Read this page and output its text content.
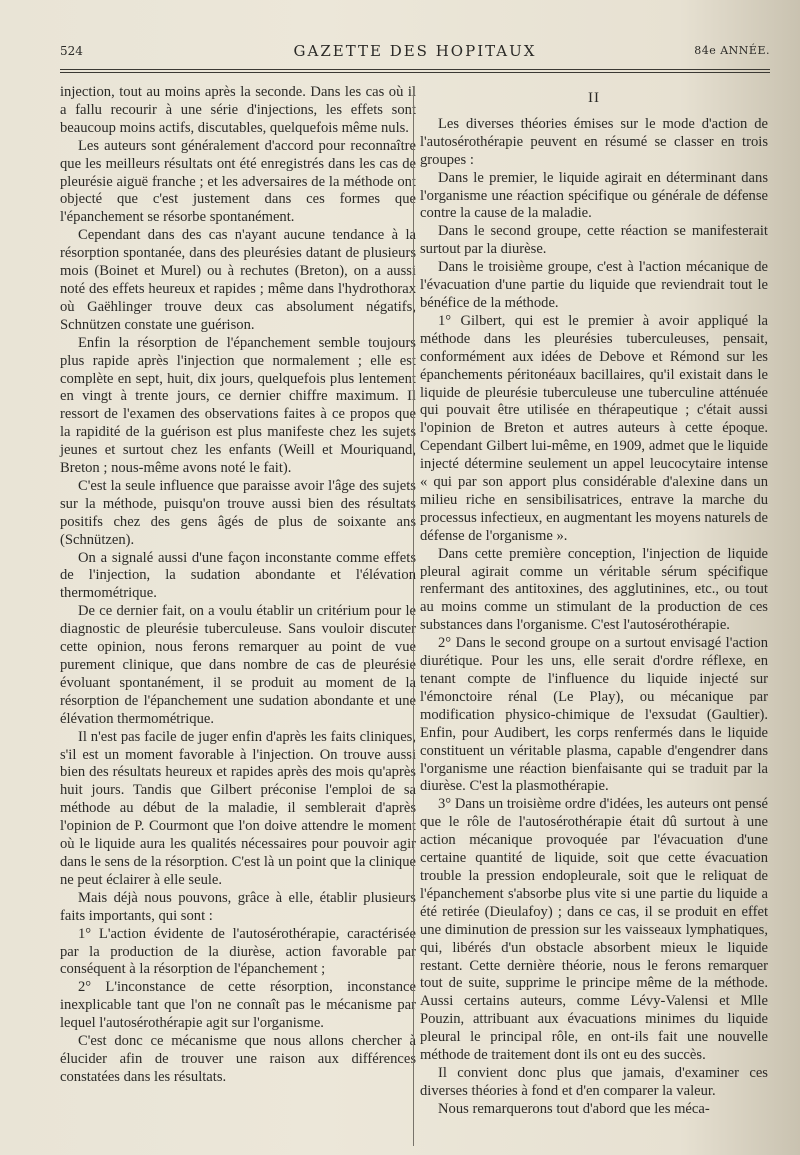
524	GAZETTE DES HOPITAUX	84e ANNÉE.

injection, tout au moins après la seconde. Dans les cas où il a fallu recourir à une série d'injections, les effets sont beaucoup moins actifs, discutables, quelquefois même nuls.

Les auteurs sont généralement d'accord pour reconnaître que les meilleurs résultats ont été enregistrés dans les cas de pleurésie aiguë franche ; et les adversaires de la méthode ont objecté que c'est justement dans ces formes que l'épanchement se résorbe spontanément.

Cependant dans des cas n'ayant aucune tendance à la résorption spontanée, dans des pleurésies datant de plusieurs mois (Boinet et Murel) ou à rechutes (Breton), on a aussi noté des effets heureux et rapides ; même dans l'hydrothorax où Gaëhlinger trouve deux cas absolument négatifs, Schnützen constate une guérison.

Enfin la résorption de l'épanchement semble toujours plus rapide après l'injection que normalement ; elle est complète en sept, huit, dix jours, quelquefois plus lentement en vingt à trente jours, ce dernier chiffre maximum. Il ressort de l'examen des observations faites à ce propos que la rapidité de la guérison est plus manifeste chez les sujets jeunes et surtout chez les enfants (Weill et Mouriquand, Breton ; nous-même avons noté le fait).

C'est la seule influence que paraisse avoir l'âge des sujets sur la méthode, puisqu'on trouve aussi bien des résultats positifs chez des gens âgés de plus de soixante ans (Schnützen).

On a signalé aussi d'une façon inconstante comme effets de l'injection, la sudation abondante et l'élévation thermométrique.

De ce dernier fait, on a voulu établir un critérium pour le diagnostic de pleurésie tuberculeuse. Sans vouloir discuter cette opinion, nous ferons remarquer au point de vue purement clinique, que dans nombre de cas de pleurésie évoluant spontanément, il se produit au moment de la résorption de l'épanchement une sudation abondante et une élévation thermométrique.

Il n'est pas facile de juger enfin d'après les faits cliniques, s'il est un moment favorable à l'injection. On trouve aussi bien des résultats heureux et rapides après des mois qu'après huit jours. Tandis que Gilbert préconise l'emploi de sa méthode au début de la maladie, il semblerait d'après l'opinion de P. Courmont que l'on doive attendre le moment où le liquide aura les qualités nécessaires pour pouvoir agir dans le sens de la résorption. C'est là un point que la clinique ne peut éclairer à elle seule.

Mais déjà nous pouvons, grâce à elle, établir plusieurs faits importants, qui sont :

1° L'action évidente de l'autosérothérapie, caractérisée par la production de la diurèse, action favorable par conséquent à la résorption de l'épanchement ;

2° L'inconstance de cette résorption, inconstance inexplicable tant que l'on ne connaît pas le mécanisme par lequel l'autosérothérapie agit sur l'organisme.

C'est donc ce mécanisme que nous allons chercher à élucider afin de trouver une raison aux différences constatées dans les résultats.

II

Les diverses théories émises sur le mode d'action de l'autosérothérapie peuvent en résumé se classer en trois groupes :

Dans le premier, le liquide agirait en déterminant dans l'organisme une réaction spécifique ou générale de défense contre la cause de la maladie.

Dans le second groupe, cette réaction se manifesterait surtout par la diurèse.

Dans le troisième groupe, c'est à l'action mécanique de l'évacuation d'une partie du liquide que reviendrait tout le bénéfice de la méthode.

1° Gilbert, qui est le premier à avoir appliqué la méthode dans les pleurésies tuberculeuses, pensait, conformément aux idées de Debove et Rémond sur les épanchements péritonéaux bacillaires, qu'il existait dans le liquide de pleurésie tuberculeuse une tuberculine atténuée qui pouvait être utilisée en thérapeutique ; c'était aussi l'opinion de Breton et autres auteurs à cette époque. Cependant Gilbert lui-même, en 1909, admet que le liquide injecté détermine seulement un appel leucocytaire intense « qui par son apport plus considérable d'alexine dans un milieu riche en sensibilisatrices, entrave la marche du processus infectieux, en augmentant les moyens naturels de défense de l'organisme ».

Dans cette première conception, l'injection de liquide pleural agirait comme un véritable sérum spécifique renfermant des antitoxines, des agglutinines, etc., ou tout au moins comme un stimulant de la production de ces substances dans l'organisme. C'est l'autosérothérapie.

2° Dans le second groupe on a surtout envisagé l'action diurétique. Pour les uns, elle serait d'ordre réflexe, en tenant compte de l'influence du liquide injecté sur l'émonctoire rénal (Le Play), ou mécanique par modification physico-chimique de l'exsudat (Gaultier). Enfin, pour Audibert, les corps renfermés dans le liquide constituent un véritable plasma, capable d'engendrer dans l'organisme une réaction bienfaisante qui se traduit par la diurèse. C'est la plasmothérapie.

3° Dans un troisième ordre d'idées, les auteurs ont pensé que le rôle de l'autosérothérapie était dû surtout à une action mécanique provoquée par l'évacuation d'une certaine quantité de liquide, soit que cette évacuation trouble la pression endopleurale, soit que le reliquat de l'épanchement s'absorbe plus vite si une partie du liquide a été retirée (Dieulafoy) ; dans ce cas, il se produit en effet une diminution de pression sur les vaisseaux lymphatiques, qui, libérés d'un obstacle absorbent mieux le liquide restant. Cette dernière théorie, nous le ferons remarquer tout de suite, supprime le principe même de la méthode. Aussi certains auteurs, comme Lévy-Valensi et Mlle Pouzin, attribuant aux évacuations minimes du liquide pleural le principal rôle, en ont-ils fait une nouvelle méthode de traitement dont ils ont eu des succès.

Il convient donc plus que jamais, d'examiner ces diverses théories à fond et d'en comparer la valeur.

Nous remarquerons tout d'abord que les méca-
